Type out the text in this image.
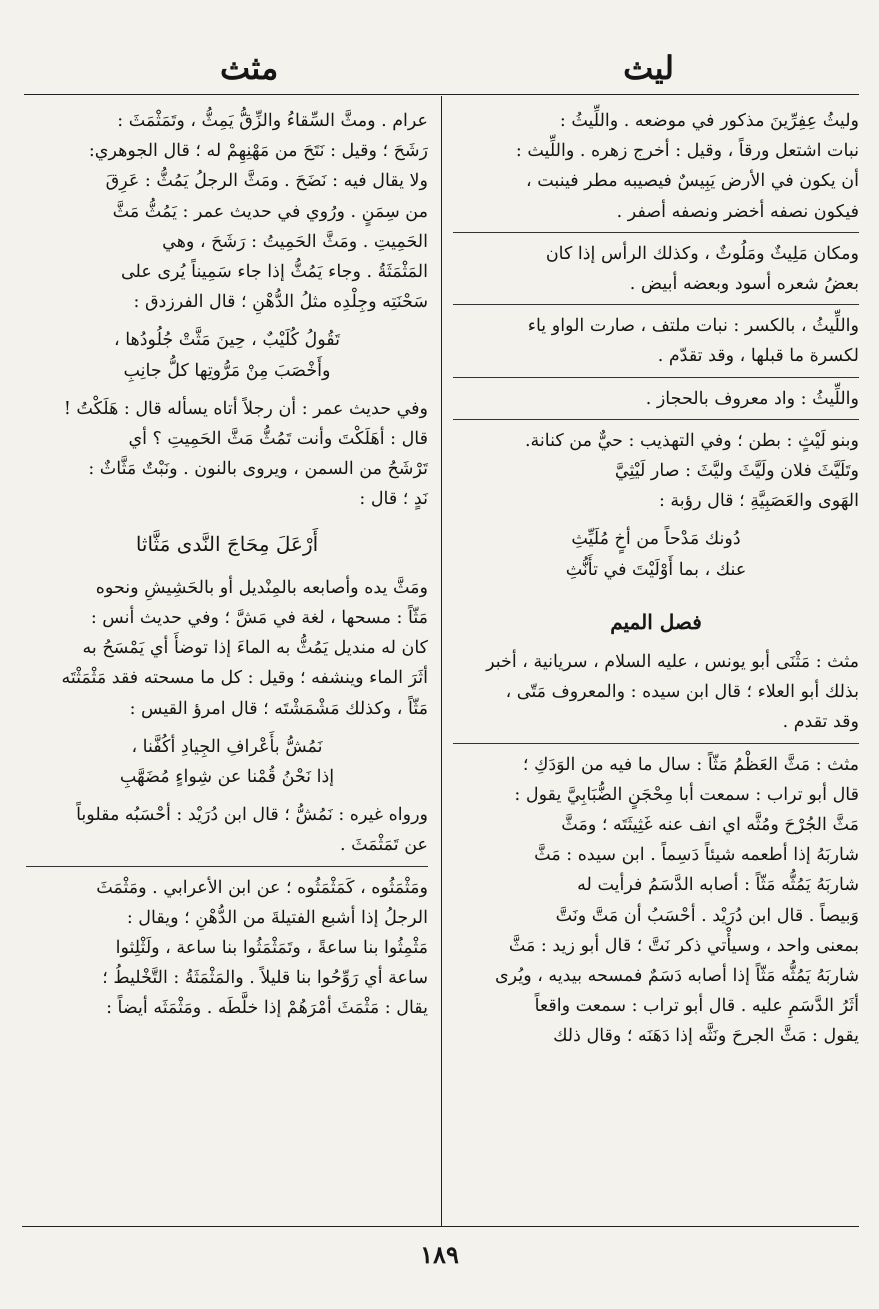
ليث
مثث

وليثُ عِفِرِّينَ مذكور في موضعه . واللِّيثُ :

نبات اشتعل ورقاً ، وقيل : أخرج زهره . واللِّيث :

أن يكون في الأرض يَبِيسٌ فيصيبه مطر فينبت ،

فيكون نصفه أخضر ونصفه أصفر .

ومكان مَلِيثٌ ومَلُوثٌ ، وكذلك الرأس إذا كان

بعضُ شعره أسود وبعضه أبيض .

واللِّيثُ ، بالكسر : نبات ملتف ، صارت الواو ياء

لكسرة ما قبلها ، وقد تقدّم .

واللِّيثُ : واد معروف بالحجاز .

وبنو لَيْثٍ : بطن ؛ وفي التهذيب : حيٌّ من كنانة.

وتَلَيَّثَ فلان ولَيَّثَ وليَّثَ : صار لَيْثِيَّ

الهَوى والعَصَبِيَّةِ ؛ قال رؤبة :

دُونك مَدْحاً من أخٍ مُلَيِّثِ

عنك ، بما أَوْلَيْتَ في تأَنُّثِ

فصل الميم

مثث : مَثْنَى أبو يونس ، عليه السلام ، سريانية ، أخبر

بذلك أبو العلاء ؛ قال ابن سيده : والمعروف مَتّى ،

وقد تقدم .

مثث : مَثَّ العَظْمُ مَثّاً : سال ما فيه من الوَدَكِ ؛

قال أبو تراب : سمعت أبا مِحْجَنٍ الضُّبَابِيَّ يقول :

مَثَّ الجُرْحَ ومُثَّه اي انف عنه غَثِيثَتَه ؛ ومَثَّ

شاربَهُ إذا أطعمه شيئاً دَسِماً . ابن سيده : مَثَّ

شاربَهُ يَمُثُّه مَثّاً : أصابه الدَّسَمُ فرأيت له

وَبيصاً . قال ابن دُرَيْد . أحْسَبُ أن مَتَّ ونَتَّ

بمعنى واحد ، وسيأْتي ذكر نَتَّ ؛ قال أبو زيد : مَثَّ

شاربَهُ يَمُثُّه مَثّاً إذا أصابه دَسَمٌ فمسحه بيديه ، ويُرى

أثَرُ الدَّسَمِ عليه . قال أبو تراب : سمعت واقعاً

يقول : مَثَّ الجرحَ ونَثَّه إذا دَهَنَه ؛ وقال ذلك

عرام . ومثَّ السِّقاءُ والزِّقُّ يَمِثُّ ، وتَمَثْمَثَ :

رَشَحَ ؛ وقيل : نَتَحَ من مَهْنِهِمْ له ؛ قال الجوهري:

ولا يقال فيه : نَضَحَ . ومَثَّ الرجلُ يَمُثُّ : عَرِقَ

من سِمَنٍ . ورُوي في حديث عمر : يَمُثُّ مَثَّ

الحَمِيتِ . ومَثَّ الحَمِيتُ : رَشَحَ ، وهي

المَثْمَثَةُ . وجاء يَمُثُّ إذا جاء سَمِيناً يُرى على

سَحْنَتِه وجِلْدِه مثلُ الدُّهْنِ ؛ قال الفرزدق :

تَقُولُ كُلَيْبٌ ، حِينَ مَثَّتْ جُلُودُها ،

وأَخْصَبَ مِنْ مَرُّوتِها كلُّ جانِبِ

وفي حديث عمر : أن رجلاً أتاه يسأله قال : هَلَكْتُ !

قال : أهَلَكْتَ وأنت تَمُثُّ مَثَّ الحَمِيتِ ؟ أي

تَرْشَحُ من السمن ، ويروى بالنون . ونَبْتٌ مَثَّاثٌ :

نَدٍ ؛ قال :

أَرْعَلَ مِحَاجَ النَّدى مَثَّاثا

ومَثَّ يده وأصابعه بالمِنْديل أو بالحَشِيشِ ونحوه

مَثّاً : مسحها ، لغة في مَشَّ ؛ وفي حديث أنس :

كان له منديل يَمُثُّ به الماءَ إذا توضأَ أي يَمْسَحُ به

أثَرَ الماء وينشفه ؛ وقيل : كل ما مسحته فقد مَثْمَثْتَه

مَثّاً ، وكذلك مَشْمَشْتَه ؛ قال امرؤ القيس :

نَمُشُّ بأَعْرافِ الجِيادِ أكُفَّنا ،

إذا نَحْنُ قُمْنا عن شِواءٍ مُضَهَّبِ

ورواه غيره : نَمُشُّ ؛ قال ابن دُرَيْد : أحْسَبُه مقلوباً

عن تَمَثْمَثَ .

ومَثْمَثُوه ، كَمَثْمَثُوه ؛ عن ابن الأعرابي . ومَثْمَثَ

الرجلُ إذا أشبع الفتيلةَ من الدُّهْنِ ؛ ويقال :

مَثْمِثُوا بنا ساعةً ، وتَمَثْمَثُوا بنا ساعة ، ولَثْلِثوا

ساعة أي رَوِّحُوا بنا قليلاً . والمَثْمَثَةُ : التَّخْليطُ ؛

يقال : مَثْمَثَ أمْرَهُمْ إذا خلَّطَه . ومَثْمَثَه أيضاً :

١٨٩
